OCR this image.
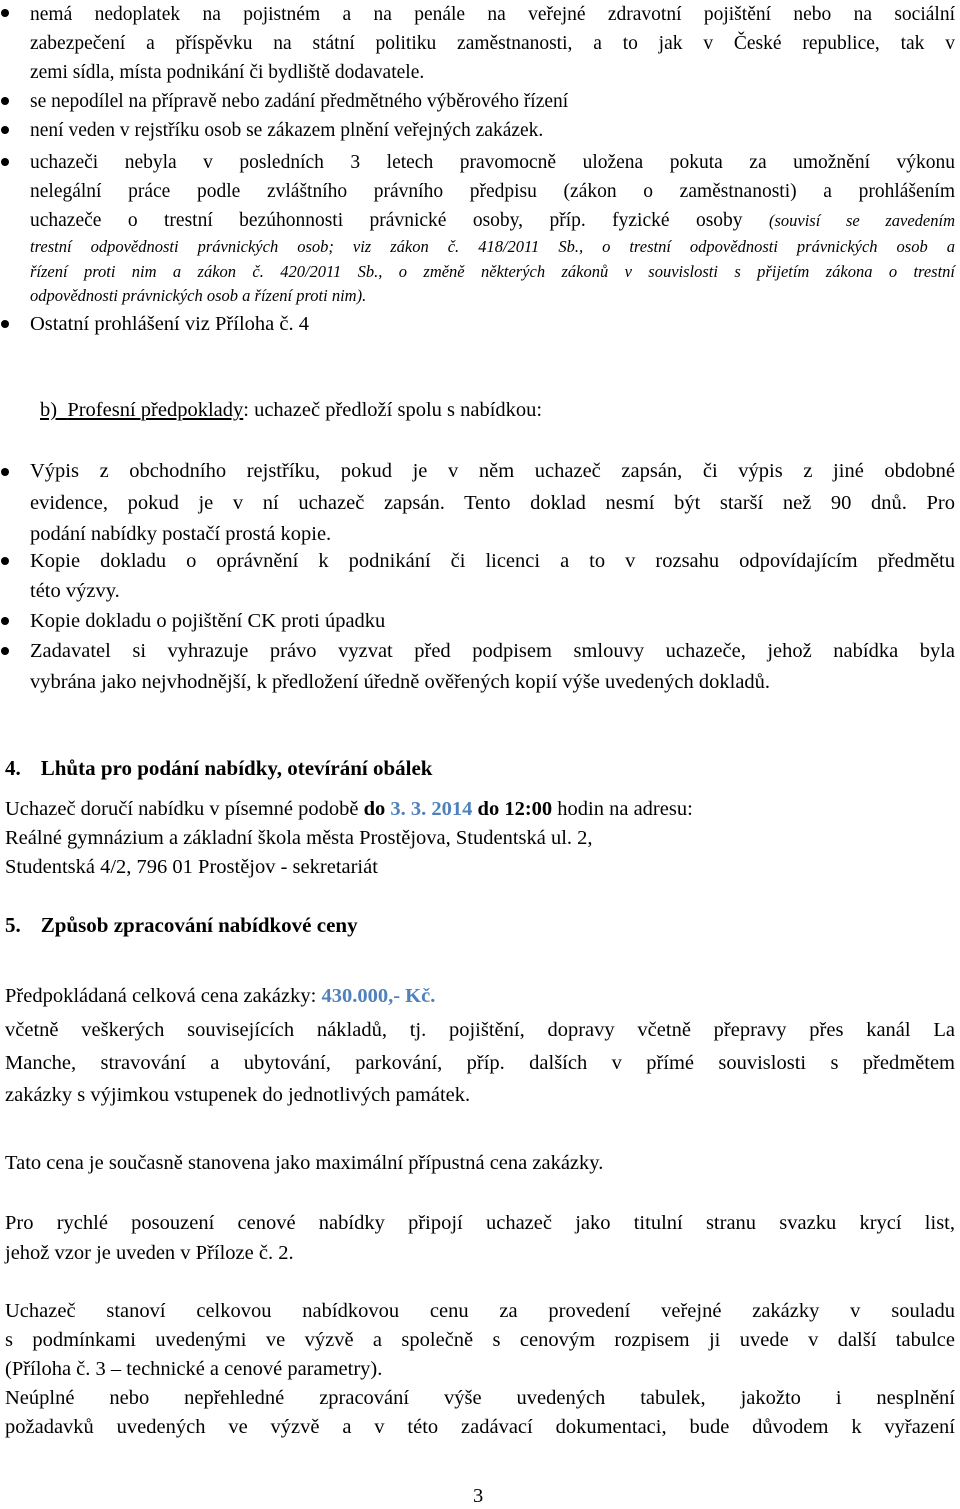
nemá nedoplatek na pojistném a na penále na veřejné zdravotní pojištění nebo na sociální
zabezpečení a příspěvku na státní politiku zaměstnanosti, a to jak v České republice, tak v
zemi sídla, místa podnikání či bydliště dodavatele.
se nepodílel na přípravě nebo zadání předmětného výběrového řízení
není veden v rejstříku osob se zákazem plnění veřejných zakázek.
uchazeči nebyla v posledních 3 letech pravomocně uložena pokuta za umožnění výkonu
nelegální práce podle zvláštního právního předpisu (zákon o zaměstnanosti) a prohlášením
uchazeče o trestní bezúhonnosti právnické osoby, příp. fyzické osoby (souvisí se zavedením
trestní odpovědnosti právnických osob; viz zákon č. 418/2011 Sb., o trestní odpovědnosti právnických osob a
řízení proti nim a zákon č. 420/2011 Sb., o změně některých zákonů v souvislosti s přijetím zákona o trestní
odpovědnosti právnických osob a řízení proti nim).
Ostatní prohlášení viz Příloha č. 4
b) Profesní předpoklady: uchazeč předloží spolu s nabídkou:
Výpis z obchodního rejstříku, pokud je v něm uchazeč zapsán, či výpis z jiné obdobné
evidence, pokud je v ní uchazeč zapsán. Tento doklad nesmí být starší než 90 dnů. Pro
podání nabídky postačí prostá kopie.
Kopie dokladu o oprávnění k podnikání či licenci a to v rozsahu odpovídajícím předmětu
této výzvy.
Kopie dokladu o pojištění CK proti úpadku
Zadavatel si vyhrazuje právo vyzvat před podpisem smlouvy uchazeče, jehož nabídka byla
vybrána jako nejvhodnější, k předložení úředně ověřených kopií výše uvedených dokladů.
4. Lhůta pro podání nabídky, otevírání obálek
Uchazeč doručí nabídku v písemné podobě do 3. 3. 2014 do 12:00 hodin na adresu:
Reálné gymnázium a základní škola města Prostějova, Studentská ul. 2,
Studentská 4/2, 796 01 Prostějov - sekretariát
5. Způsob zpracování nabídkové ceny
Předpokládaná celková cena zakázky: 430.000,- Kč.
včetně veškerých souvisejících nákladů, tj. pojištění, dopravy včetně přepravy přes kanál La
Manche, stravování a ubytování, parkování, příp. dalších v přímé souvislosti s předmětem
zakázky s výjimkou vstupenek do jednotlivých památek.
Tato cena je současně stanovena jako maximální přípustná cena zakázky.
Pro rychlé posouzení cenové nabídky připojí uchazeč jako titulní stranu svazku krycí list,
jehož vzor je uveden v Příloze č. 2.
Uchazeč stanoví celkovou nabídkovou cenu za provedení veřejné zakázky v souladu
s podmínkami uvedenými ve výzvě a společně s cenovým rozpisem ji uvede v další tabulce
(Příloha č. 3 – technické a cenové parametry).
Neúplné nebo nepřehledné zpracování výše uvedených tabulek, jakožto i nesplnění
požadavků uvedených ve výzvě a v této zadávací dokumentaci, bude důvodem k vyřazení
3
